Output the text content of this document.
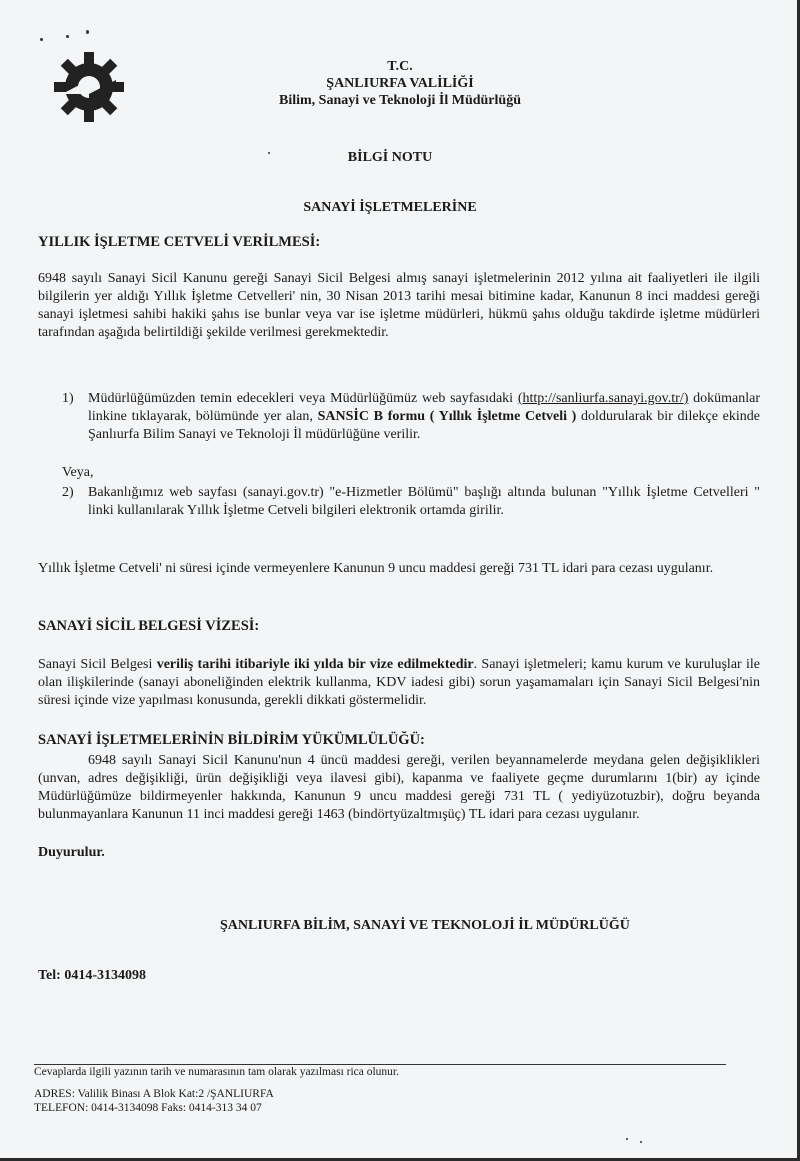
T.C.
ŞANLIURFA VALİLİĞİ
Bilim, Sanayi ve Teknoloji İl Müdürlüğü
BİLGİ NOTU
SANAYİ İŞLETMELERİNE
YILLIK İŞLETME CETVELİ VERİLMESİ:
6948 sayılı Sanayi Sicil Kanunu gereği Sanayi Sicil Belgesi almış sanayi işletmelerinin 2012 yılına ait faaliyetleri ile ilgili bilgilerin yer aldığı Yıllık İşletme Cetvelleri' nin, 30 Nisan 2013 tarihi mesai bitimine kadar, Kanunun 8 inci maddesi gereği sanayi işletmesi sahibi hakiki şahıs ise bunlar veya var ise işletme müdürleri, hükmü şahıs olduğu takdirde işletme müdürleri tarafından aşağıda belirtildiği şekilde verilmesi gerekmektedir.
1) Müdürlüğümüzden temin edecekleri veya Müdürlüğümüz web sayfasıdaki (http://sanliurfa.sanayi.gov.tr/) dokümanlar linkine tıklayarak, bölümünde yer alan, SANSİC B formu ( Yıllık İşletme Cetveli ) doldurularak bir dilekçe ekinde Şanlıurfa Bilim Sanayi ve Teknoloji İl müdürlüğüne verilir.
Veya,
2) Bakanlığımız web sayfası (sanayi.gov.tr) "e-Hizmetler Bölümü" başlığı altında bulunan "Yıllık İşletme Cetvelleri " linki kullanılarak Yıllık İşletme Cetveli bilgileri elektronik ortamda girilir.
Yıllık İşletme Cetveli' ni süresi içinde vermeyenlere Kanunun 9 uncu maddesi gereği 731 TL idari para cezası uygulanır.
SANAYİ SİCİL BELGESİ VİZESİ:
Sanayi Sicil Belgesi veriliş tarihi itibariyle iki yılda bir vize edilmektedir. Sanayi işletmeleri; kamu kurum ve kuruluşlar ile olan ilişkilerinde (sanayi aboneliğinden elektrik kullanma, KDV iadesi gibi) sorun yaşamamaları için Sanayi Sicil Belgesi'nin süresi içinde vize yapılması konusunda, gerekli dikkati göstermelidir.
SANAYİ İŞLETMELERİNİN BİLDİRİM YÜKÜMLÜLÜĞÜ:
6948 sayılı Sanayi Sicil Kanunu'nun 4 üncü maddesi gereği, verilen beyannamelerde meydana gelen değişiklikleri (unvan, adres değişikliği, ürün değişikliği veya ilavesi gibi), kapanma ve faaliyete geçme durumlarını 1(bir) ay içinde Müdürlüğümüze bildirmeyenler hakkında, Kanunun 9 uncu maddesi gereği 731 TL ( yediyüzotuzbir), doğru beyanda bulunmayanlara Kanunun 11 inci maddesi gereği 1463 (bindörtyüzaltmışüç) TL idari para cezası uygulanır.
Duyurulur.
ŞANLIURFA BİLİM, SANAYİ VE TEKNOLOJİ İL MÜDÜRLÜĞÜ
Tel: 0414-3134098
Cevaplarda ilgili yazının tarih ve numarasının tam olarak yazılması rica olunur.
ADRES: Valilik Binası A Blok Kat:2 /ŞANLIURFA
TELEFON: 0414-3134098 Faks: 0414-313 34 07
